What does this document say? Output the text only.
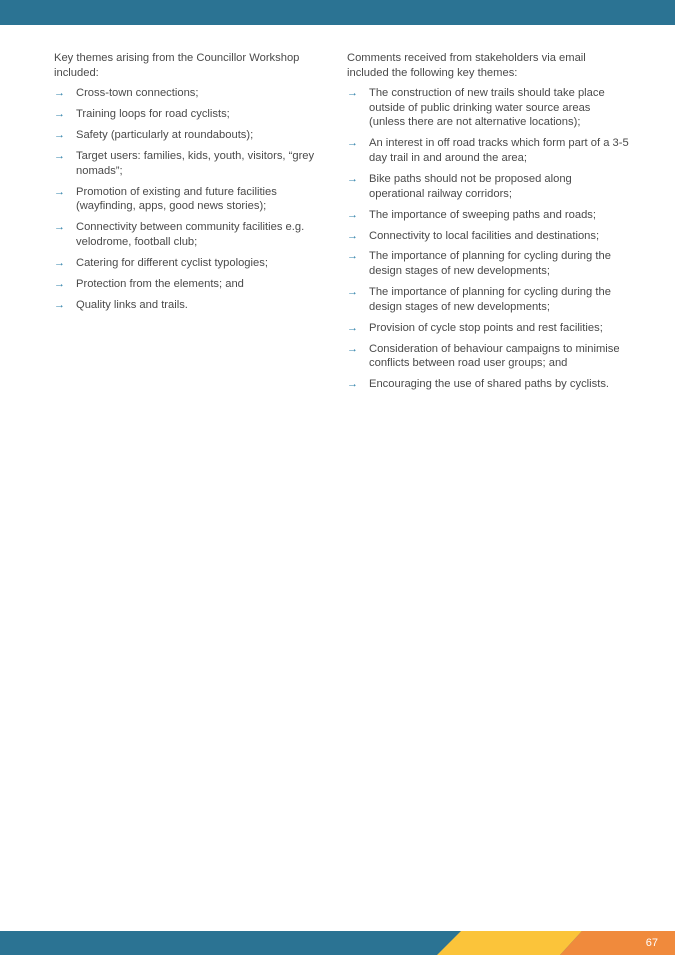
Key themes arising from the Councillor Workshop included:

→ Cross-town connections;
→ Training loops for road cyclists;
→ Safety (particularly at roundabouts);
→ Target users: families, kids, youth, visitors, “grey nomads”;
→ Promotion of existing and future facilities (wayfinding, apps, good news stories);
→ Connectivity between community facilities e.g. velodrome, football club;
→ Catering for different cyclist typologies;
→ Protection from the elements; and
→ Quality links and trails.

Comments received from stakeholders via email included the following key themes:

→ The construction of new trails should take place outside of public drinking water source areas (unless there are not alternative locations);
→ An interest in off road tracks which form part of a 3-5 day trail in and around the area;
→ Bike paths should not be proposed along operational railway corridors;
→ The importance of sweeping paths and roads;
→ Connectivity to local facilities and destinations;
→ The importance of planning for cycling during the design stages of new developments;
→ The importance of planning for cycling during the design stages of new developments;
→ Provision of cycle stop points and rest facilities;
→ Consideration of behaviour campaigns to minimise conflicts between road user groups; and
→ Encouraging the use of shared paths by cyclists.
67
